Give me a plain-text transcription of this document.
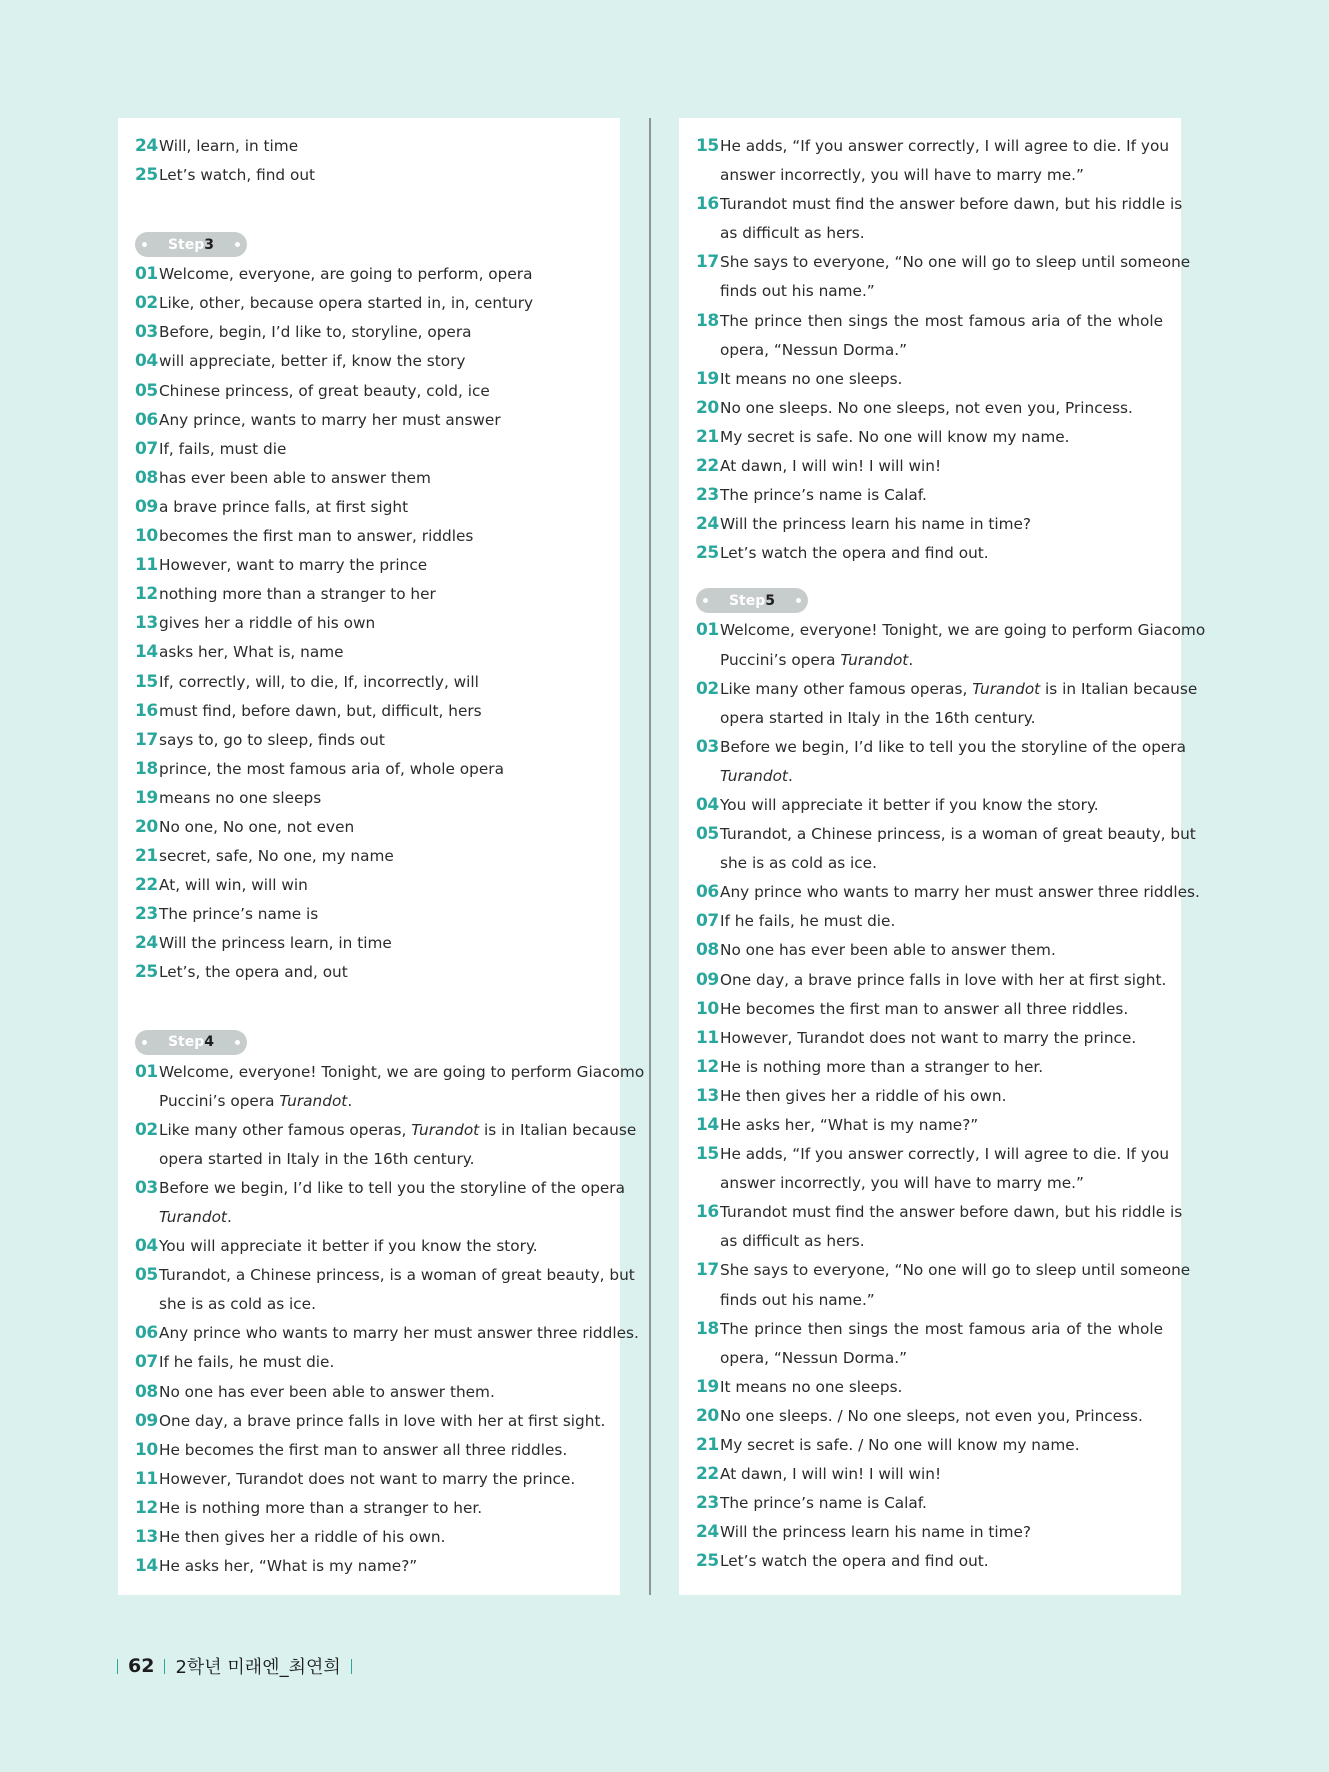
24 Will, learn, in time
25 Let’s watch, find out
Step 3
01 Welcome, everyone, are going to perform, opera
02 Like, other, because opera started in, in, century
03 Before, begin, I’d like to, storyline, opera
04 will appreciate, better if, know the story
05 Chinese princess, of great beauty, cold, ice
06 Any prince, wants to marry her must answer
07 If, fails, must die
08 has ever been able to answer them
09 a brave prince falls, at first sight
10 becomes the first man to answer, riddles
11 However, want to marry the prince
12 nothing more than a stranger to her
13 gives her a riddle of his own
14 asks her, What is, name
15 If, correctly, will, to die, If, incorrectly, will
16 must find, before dawn, but, difficult, hers
17 says to, go to sleep, finds out
18 prince, the most famous aria of, whole opera
19 means no one sleeps
20 No one, No one, not even
21 secret, safe, No one, my name
22 At, will win, will win
23 The prince’s name is
24 Will the princess learn, in time
25 Let’s, the opera and, out
Step 4
01 Welcome, everyone! Tonight, we are going to perform Giacomo
Puccini’s opera Turandot.
02 Like many other famous operas, Turandot is in Italian because
opera started in Italy in the 16th century.
03 Before we begin, I’d like to tell you the storyline of the opera
Turandot.
04 You will appreciate it better if you know the story.
05 Turandot, a Chinese princess, is a woman of great beauty, but
she is as cold as ice.
06 Any prince who wants to marry her must answer three riddles.
07 If he fails, he must die.
08 No one has ever been able to answer them.
09 One day, a brave prince falls in love with her at first sight.
10 He becomes the first man to answer all three riddles.
11 However, Turandot does not want to marry the prince.
12 He is nothing more than a stranger to her.
13 He then gives her a riddle of his own.
14 He asks her, “What is my name?”
15 He adds, “If you answer correctly, I will agree to die. If you
answer incorrectly, you will have to marry me.”
16 Turandot must find the answer before dawn, but his riddle is
as difficult as hers.
17 She says to everyone, “No one will go to sleep until someone
finds out his name.”
18 The prince then sings the most famous aria of the whole
opera, “Nessun Dorma.”
19 It means no one sleeps.
20 No one sleeps. No one sleeps, not even you, Princess.
21 My secret is safe. No one will know my name.
22 At dawn, I will win! I will win!
23 The prince’s name is Calaf.
24 Will the princess learn his name in time?
25 Let’s watch the opera and find out.
Step 5
01 Welcome, everyone! Tonight, we are going to perform Giacomo
Puccini’s opera Turandot.
02 Like many other famous operas, Turandot is in Italian because
opera started in Italy in the 16th century.
03 Before we begin, I’d like to tell you the storyline of the opera
Turandot.
04 You will appreciate it better if you know the story.
05 Turandot, a Chinese princess, is a woman of great beauty, but
she is as cold as ice.
06 Any prince who wants to marry her must answer three riddles.
07 If he fails, he must die.
08 No one has ever been able to answer them.
09 One day, a brave prince falls in love with her at first sight.
10 He becomes the first man to answer all three riddles.
11 However, Turandot does not want to marry the prince.
12 He is nothing more than a stranger to her.
13 He then gives her a riddle of his own.
14 He asks her, “What is my name?”
15 He adds, “If you answer correctly, I will agree to die. If you
answer incorrectly, you will have to marry me.”
16 Turandot must find the answer before dawn, but his riddle is
as difficult as hers.
17 She says to everyone, “No one will go to sleep until someone
finds out his name.”
18 The prince then sings the most famous aria of the whole
opera, “Nessun Dorma.”
19 It means no one sleeps.
20 No one sleeps. / No one sleeps, not even you, Princess.
21 My secret is safe. / No one will know my name.
22 At dawn, I will win! I will win!
23 The prince’s name is Calaf.
24 Will the princess learn his name in time?
25 Let’s watch the opera and find out.
62 2학년 미래엔_최연희
